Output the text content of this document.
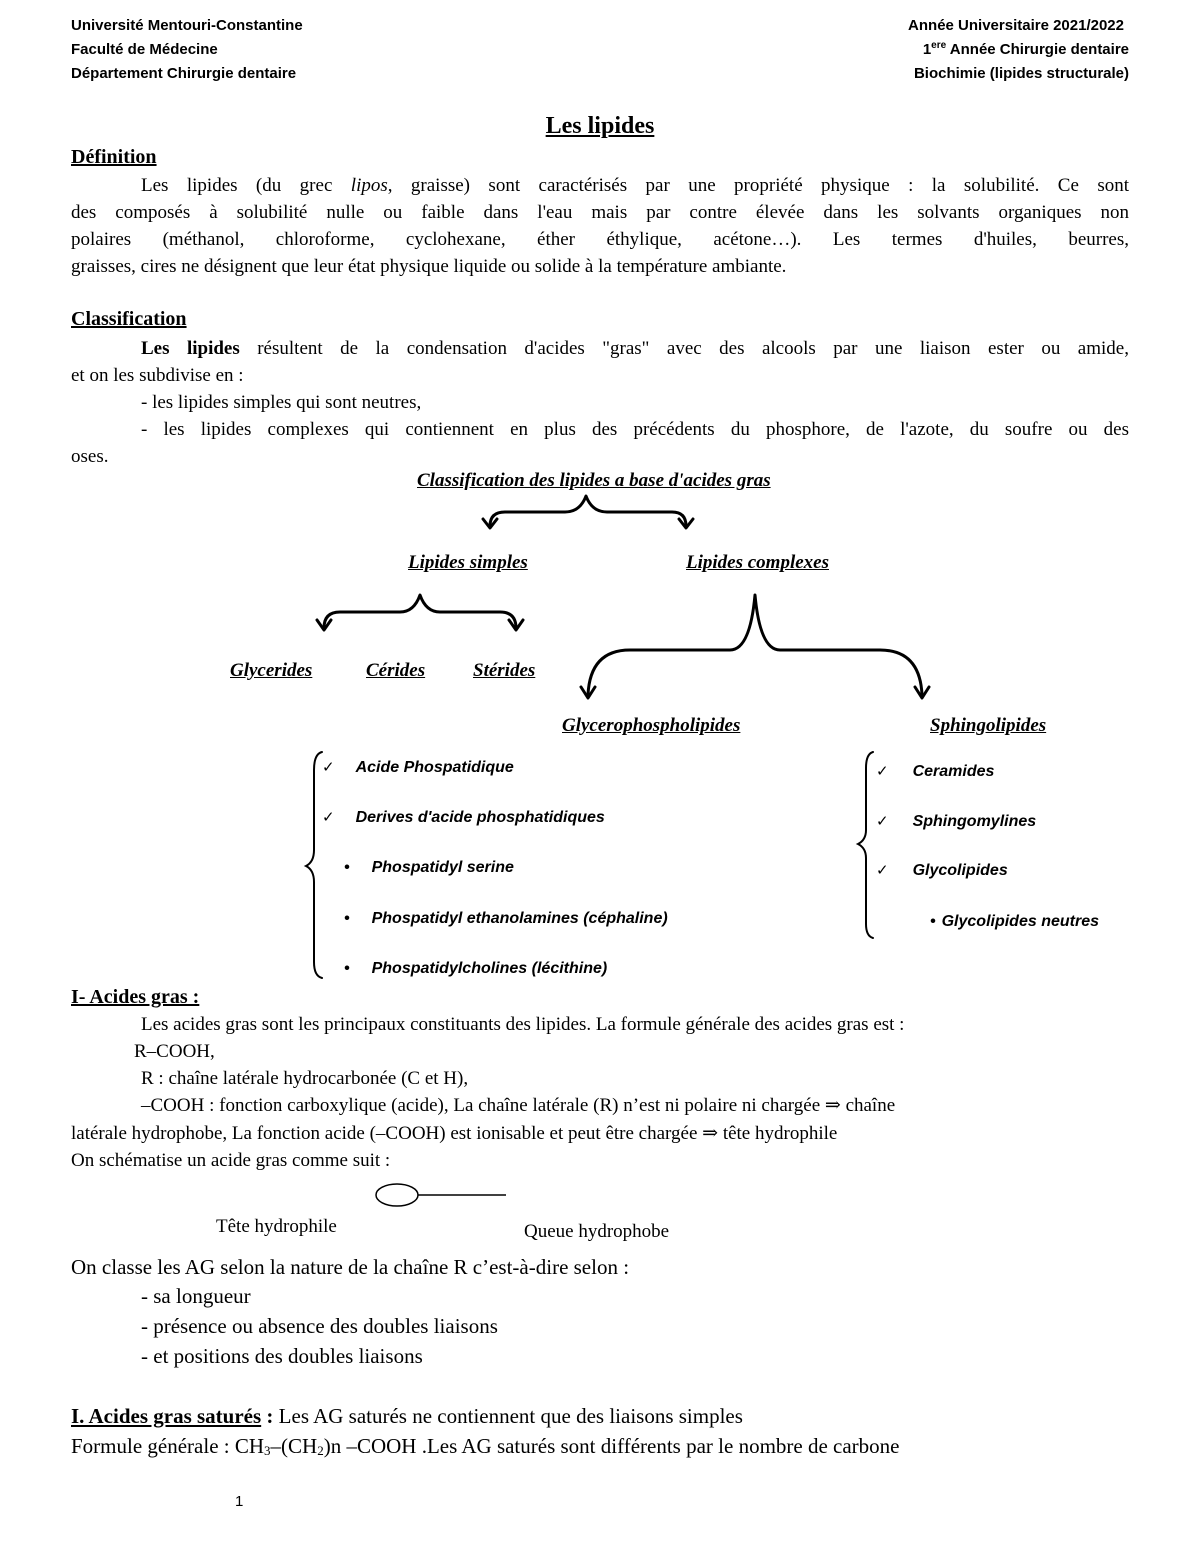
Université Mentouri-Constantine
Faculté de Médecine
Département Chirurgie dentaire
Année Universitaire 2021/2022
1ere Année Chirurgie dentaire
Biochimie (lipides structurale)
Les lipides
Définition
Les lipides (du grec lipos, graisse) sont caractérisés par une propriété physique : la solubilité. Ce sont
des composés à solubilité nulle ou faible dans l'eau mais par contre élevée dans les solvants organiques non
polaires (méthanol, chloroforme, cyclohexane, éther éthylique, acétone…). Les termes d'huiles, beurres,
graisses, cires ne désignent que leur état physique liquide ou solide à la température ambiante.
Classification
Les lipides résultent de la condensation d'acides "gras" avec des alcools par une liaison ester ou amide,
et on les subdivise en :
- les lipides simples qui sont neutres,
- les lipides complexes qui contiennent en plus des précédents du phosphore, de l'azote, du soufre ou des
oses.
Classification des lipides a base d'acides gras
Lipides simples	Lipides complexes
Glycerides	Cérides	Stérides
Glycerophospholipides	Sphingolipides
✓ Acide Phospatidique
✓ Derives d'acide phosphatidiques
• Phospatidyl serine
• Phospatidyl ethanolamines (céphaline)
• Phospatidylcholines (lécithine)
✓ Ceramides
✓ Sphingomylines
✓ Glycolipides
• Glycolipides neutres
I- Acides gras :
Les acides gras sont les principaux constituants des lipides. La formule générale des acides gras est :
R–COOH,
R : chaîne latérale hydrocarbonée (C et H),
–COOH : fonction carboxylique (acide), La chaîne latérale (R) n’est ni polaire ni chargée ⇒ chaîne
latérale hydrophobe, La fonction acide (–COOH) est ionisable et peut être chargée ⇒ tête hydrophile
On schématise un acide gras comme suit :
Tête hydrophile	Queue hydrophobe
On classe les AG selon la nature de la chaîne R c’est-à-dire selon :
- sa longueur
- présence ou absence des doubles liaisons
- et positions des doubles liaisons
I. Acides gras saturés : Les AG saturés ne contiennent que des liaisons simples
Formule générale : $CH_3-(CH_2)n$ –COOH .Les AG saturés sont différents par le nombre de carbone
1
